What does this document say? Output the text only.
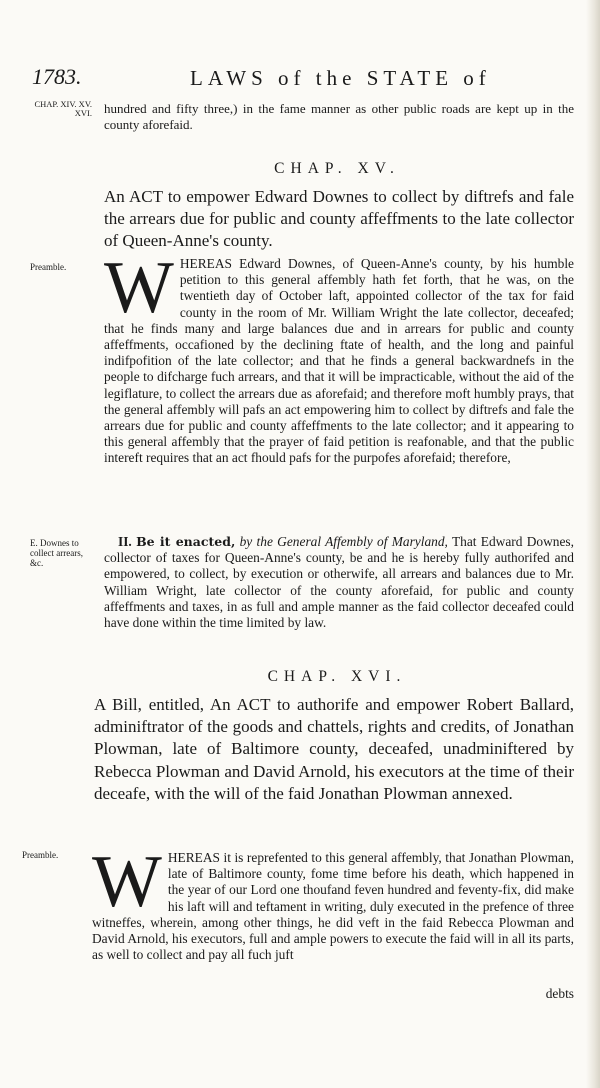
1783.	LAWS of the STATE of
CHAP. XIV. XV. XVI. hundred and fifty three,) in the fame manner as other public roads are kept up in the county aforefaid.
CHAP. XV.
An ACT to empower Edward Downes to collect by diftrefs and fale the arrears due for public and county affeffments to the late collector of Queen-Anne's county.
Preamble. WHEREAS Edward Downes, of Queen-Anne's county, by his humble petition to this general affembly hath fet forth, that he was, on the twentieth day of October laft, appointed collector of the tax for faid county in the room of Mr. William Wright the late collector, deceafed; that he finds many and large balances due and in arrears for public and county affeffments, occafioned by the declining ftate of health, and the long and painful indifpofition of the late collector; and that he finds a general backwardnefs in the people to difcharge fuch arrears, and that it will be impracticable, without the aid of the legiflature, to collect the arrears due as aforefaid; and therefore moft humbly prays, that the general affembly will pafs an act empowering him to collect by diftrefs and fale the arrears due for public and county affeffments to the late collector; and it appearing to this general affembly that the prayer of faid petition is reafonable, and that the public intereft requires that an act fhould pafs for the purpofes aforefaid; therefore,
E. Downes to collect arrears, &c.
II. Be it enacted, by the General Affembly of Maryland, That Edward Downes, collector of taxes for Queen-Anne's county, be and he is hereby fully authorifed and empowered, to collect, by execution or otherwife, all arrears and balances due to Mr. William Wright, late collector of the county aforefaid, for public and county affeffments and taxes, in as full and ample manner as the faid collector deceafed could have done within the time limited by law.
CHAP. XVI.
A Bill, entitled, An ACT to authorife and empower Robert Ballard, adminiftrator of the goods and chattels, rights and credits, of Jonathan Plowman, late of Baltimore county, deceafed, unadminiftered by Rebecca Plowman and David Arnold, his executors at the time of their deceafe, with the will of the faid Jonathan Plowman annexed.
Preamble. WHEREAS it is reprefented to this general affembly, that Jonathan Plowman, late of Baltimore county, fome time before his death, which happened in the year of our Lord one thoufand feven hundred and feventy-fix, did make his laft will and teftament in writing, duly executed in the prefence of three witneffes, wherein, among other things, he did veft in the faid Rebecca Plowman and David Arnold, his executors, full and ample powers to execute the faid will in all its parts, as well to collect and pay all fuch juft
debts
